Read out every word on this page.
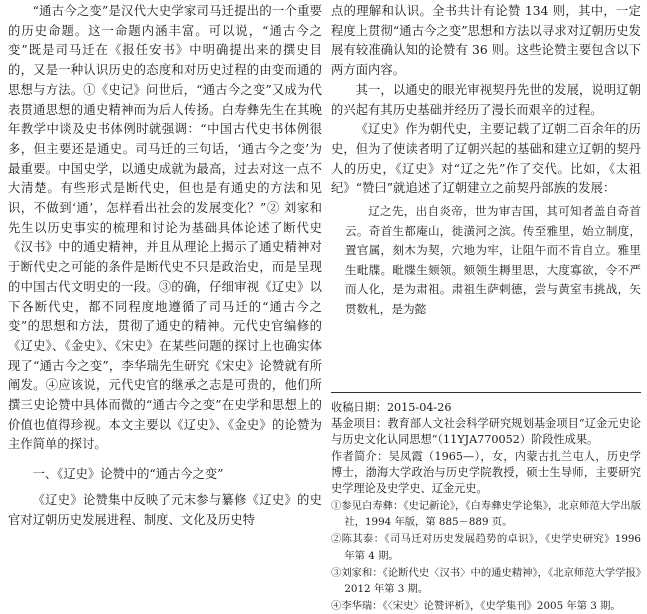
“通古今之变”是汉代大史学家司马迁提出的一个重要的历史命题。这一命题内涵丰富。可以说，“通古今之变”既是司马迁在《报任安书》中明确提出来的撰史目的，又是一种认识历史的态度和对历史过程的由变而通的思想与方法。①《史记》问世后，“通古今之变”又成为代表贯通思想的通史精神而为后人传扬。白寿彝先生在其晚年教学中谈及史书体例时就强调：“中国古代史书体例很多，但主要还是通史。司马迁的三句话，‘通古今之变’为最重要。中国史学，以通史成就为最高，过去对这一点不大清楚。有些形式是断代史，但也是有通史的方法和见识，不做到‘通’，怎样看出社会的发展变化？”② 刘家和先生以历史事实的梳理和讨论为基础具体论述了断代史《汉书》中的通史精神，并且从理论上揭示了通史精神对于断代史之可能的条件是断代史不只是政治史，而是呈现的中国古代文明史的一段。③的确，仔细审视《辽史》以下各断代史，都不同程度地遵循了司马迁的“通古今之变”的思想和方法，贯彻了通史的精神。元代史官编修的《辽史》、《金史》、《宋史》在某些问题的探讨上也确实体现了“通古今之变”，李华瑞先生研究《宋史》论赞就有所阐发。④应该说，元代史官的继承之志是可贵的，他们所撰三史论赞中具体而微的“通古今之变”在史学和思想上的价值也值得珍视。本文主要以《辽史》、《金史》的论赞为主作简单的探讨。

一、《辽史》论赞中的“通古今之变”

《辽史》论赞集中反映了元末参与纂修《辽史》的史官对辽朝历史发展进程、制度、文化及历史特

点的理解和认识。全书共计有论赞 134 则，其中，一定程度上贯彻“通古今之变”思想和方法以寻求对辽朝历史发展有较准确认知的论赞有 36 则。这些论赞主要包含以下两方面内容。

其一，以通史的眼光审视契丹先世的发展，说明辽朝的兴起有其历史基础并经历了漫长而艰辛的过程。

《辽史》作为朝代史，主要记载了辽朝二百余年的历史，但为了使读者明了辽朝兴起的基础和建立辽朝的契丹人的历史，《辽史》对“辽之先”作了交代。比如，《太祖纪》“赞曰”就追述了辽朝建立之前契丹部族的发展：

辽之先，出自炎帝，世为审吉国，其可知者盖自奇首云。奇首生都庵山，徙潢河之滨。传至雅里，始立制度，置官属，刻木为契，穴地为牢，让阻午而不肯自立。雅里生毗牒。毗牒生颏领。颏领生耨里思，大度寡欲，令不严而人化，是为肃祖。肃祖生萨剌德，尝与黄室韦挑战，矢贯数札，是为懿

收稿日期：2015-04-26

基金项目：教育部人文社会科学研究规划基金项目“辽金元史论与历史文化认同思想”（11YJA770052）阶段性成果。

作者简介：吴凤霞（1965—），女，内蒙古扎兰屯人，历史学博士，渤海大学政治与历史学院教授，硕士生导师，主要研究史学理论及史学史、辽金元史。

①参见白寿彝：《史记新论》，《白寿彝史学论集》，北京师范大学出版社，1994 年版，第 885－889 页。

②陈其泰：《司马迁对历史发展趋势的卓识》，《史学史研究》1996 年第 4 期。

③刘家和：《论断代史〈汉书〉中的通史精神》，《北京师范大学学报》2012 年第 3 期。

④李华瑞：《〈宋史〉论赞评析》，《史学集刊》2005 年第 3 期。
